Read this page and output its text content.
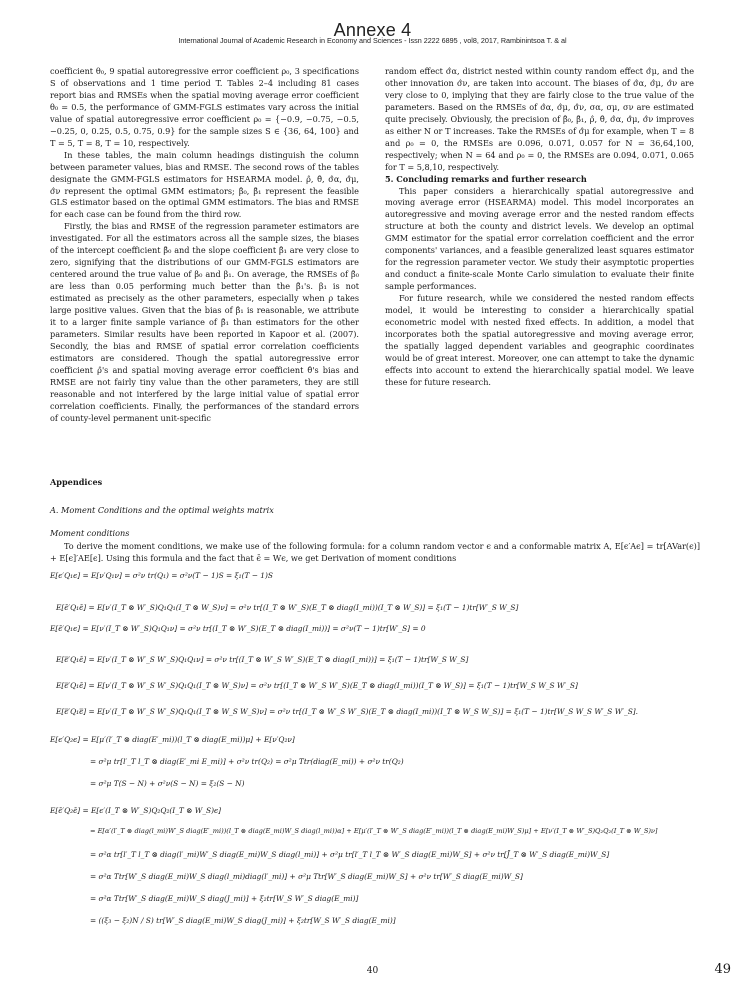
Annexe 4
International Journal of Academic Research in Economy and Sciences - Issn 2222 6895 , vol8, 2017, Rambinintsoa T. & al

coefficient θ₀, 9 spatial autoregressive error coefficient ρ₀, 3 specifications S of observations and 1 time period T. Tables 2–4 including 81 cases report bias and RMSEs when the spatial moving average error coefficient θ₀ = 0.5, the performance of GMM-FGLS estimates vary across the initial value of spatial autoregressive error coefficient ρ₀ = {−0.9, −0.75, −0.5, −0.25, 0, 0.25, 0.5, 0.75, 0.9} for the sample sizes S ∈ {36, 64, 100} and T = 5, T = 8, T = 10, respectively.

In these tables, the main column headings distinguish the column between parameter values, bias and RMSE. The second rows of the tables designate the GMM-FGLS estimators for HSEARMA model. ρ̂, θ̂, σ̂α, σ̂μ, σ̂ν represent the optimal GMM estimators; β̂₀, β̂₁ represent the feasible GLS estimator based on the optimal GMM estimators. The bias and RMSE for each case can be found from the third row.

Firstly, the bias and RMSE of the regression parameter estimators are investigated. For all the estimators across all the sample sizes, the biases of the intercept coefficient β̂₀ and the slope coefficient β̂₁ are very close to zero, signifying that the distributions of our GMM-FGLS estimators are centered around the true value of β₀ and β₁. On average, the RMSEs of β̂₀ are less than 0.05 performing much better than the β̂₁'s. β₁ is not estimated as precisely as the other parameters, especially when ρ takes large positive values. Given that the bias of β̂₁ is reasonable, we attribute it to a larger finite sample variance of β̂₁ than estimators for the other parameters. Similar results have been reported in Kapoor et al. (2007). Secondly, the bias and RMSE of spatial error correlation coefficients estimators are considered. Though the spatial autoregressive error coefficient ρ̂'s and spatial moving average error coefficient θ̂'s bias and RMSE are not fairly tiny value than the other parameters, they are still reasonable and not interfered by the large initial value of spatial error correlation coefficients. Finally, the performances of the standard errors of county-level permanent unit-specific

random effect σ̂α, district nested within county random effect σ̂μ, and the other innovation σ̂ν, are taken into account. The biases of σ̂α, σ̂μ, σ̂ν are very close to 0, implying that they are fairly close to the true value of the parameters. Based on the RMSEs of σ̂α, σ̂μ, σ̂ν, σα, σμ, σν are estimated quite precisely. Obviously, the precision of β̂₀, β̂₁, ρ̂, θ̂, σ̂α, σ̂μ, σ̂ν improves as either N or T increases. Take the RMSEs of σ̂μ for example, when T = 8 and ρ₀ = 0, the RMSEs are 0.096, 0.071, 0.057 for N = 36,64,100, respectively; when N = 64 and ρ₀ = 0, the RMSEs are 0.094, 0.071, 0.065 for T = 5,8,10, respectively.

5. Concluding remarks and further research

This paper considers a hierarchically spatial autoregressive and moving average error (HSEARMA) model. This model incorporates an autoregressive and moving average error and the nested random effects structure at both the county and district levels. We develop an optimal GMM estimator for the spatial error correlation coefficient and the error components' variances, and a feasible generalized least squares estimator for the regression parameter vector. We study their asymptotic properties and conduct a finite-scale Monte Carlo simulation to evaluate their finite sample performances.

For future research, while we considered the nested random effects model, it would be interesting to consider a hierarchically spatial econometric model with nested fixed effects. In addition, a model that incorporates both the spatial autoregressive and moving average error, the spatially lagged dependent variables and geographic coordinates would be of great interest. Moreover, one can attempt to take the dynamic effects into account to extend the hierarchically spatial model. We leave these for future research.

Appendices
A. Moment Conditions and the optimal weights matrix
Moment conditions
To derive the moment conditions, we make use of the following formula: for a column random vector ϵ and a conformable matrix A, E[ϵ′Aϵ] = tr[AVar(ϵ)] + E[ϵ]′AE[ϵ]. Using this formula and the fact that ϵ̄ = Wϵ, we get Derivation of moment conditions
E[ϵ′Q₁ϵ] = E[ν′Q₁ν] = σ²ν tr(Q₁) = σ²ν(T − 1)S = ξ₁(T − 1)S
E[ϵ̄′Q₁ϵ̄] = E[ν′(I_T ⊗ W′_S)Q₁Q₁(I_T ⊗ W_S)ν] = σ²ν tr[(I_T ⊗ W′_S)(E_T ⊗ diag(I_mi))(I_T ⊗ W_S)] = ξ₁(T − 1)tr[W′_S W_S]
E[ϵ̄′Q₁ϵ] = E[ν′(I_T ⊗ W′_S)Q₁Q₁ν] = σ²ν tr[(I_T ⊗ W′_S)(E_T ⊗ diag(I_mi))] = σ²ν(T − 1)tr[W′_S] = 0
E[ϵ̿′Q₁ϵ̄] = E[ν′(I_T ⊗ W′_S W′_S)Q₁Q₁ν] = σ²ν tr[(I_T ⊗ W′_S W′_S)(E_T ⊗ diag(I_mi))] = ξ₁(T − 1)tr[W_S W_S]
E[ϵ̿′Q₁ϵ̄] = E[ν′(I_T ⊗ W′_S W′_S)Q₁Q₁(I_T ⊗ W_S)ν] = σ²ν tr[(I_T ⊗ W′_S W′_S)(E_T ⊗ diag(I_mi))(I_T ⊗ W_S)] = ξ₁(T − 1)tr[W_S W_S W′_S]
E[ϵ̿′Q₁ϵ̿] = E[ν′(I_T ⊗ W′_S W′_S)Q₁Q₁(I_T ⊗ W_S W_S)ν] = σ²ν tr[(I_T ⊗ W′_S W′_S)(E_T ⊗ diag(I_mi))(I_T ⊗ W_S W_S)] = ξ₁(T − 1)tr[W_S W_S W′_S W′_S].
E[ϵ′Q₂ϵ] = E[μ′(l′_T ⊗ diag(E′_mi))(l_T ⊗ diag(E_mi))μ] + E[ν′Q₂ν]
= σ²μ tr[l′_T l_T ⊗ diag(E′_mi E_mi)] + σ²ν tr(Q₂) = σ²μ Ttr(diag(E_mi)) + σ²ν tr(Q₂)
= σ²μ T(S − N) + σ²ν(S − N) = ξ₂(S − N)
E[ϵ̄′Q₂ϵ̄] = E[ϵ′(I_T ⊗ W′_S)Q₂Q₂(I_T ⊗ W_S)ϵ]
= E[α′(l′_T ⊗ diag(l_mi)W′_S diag(E′_mi))(l_T ⊗ diag(E_mi)W_S diag(l_mi))α] + E[μ′(l′_T ⊗ W′_S diag(E′_mi))(l_T ⊗ diag(E_mi)W_S)μ] + E[ν′(I_T ⊗ W′_S)Q₂Q₂(I_T ⊗ W_S)ν]
= σ²α tr[l′_T l_T ⊗ diag(l′_mi)W′_S diag(E_mi)W_S diag(l_mi)] + σ²μ tr[l′_T l_T ⊗ W′_S diag(E_mi)W_S] + σ²ν tr[J̄_T ⊗ W′_S diag(E_mi)W_S]
= σ²α Ttr[W′_S diag(E_mi)W_S diag(l_mi)diag(l′_mi)] + σ²μ Ttr[W′_S diag(E_mi)W_S] + σ²ν tr[W′_S diag(E_mi)W_S]
= σ²α Ttr[W′_S diag(E_mi)W_S diag(J_mi)] + ξ₂tr[W_S W′_S diag(E_mi)]
= ((ξ₃ − ξ₂)N / S) tr[W′_S diag(E_mi)W_S diag(J_mi)] + ξ₂tr[W_S W′_S diag(E_mi)]
40	49
